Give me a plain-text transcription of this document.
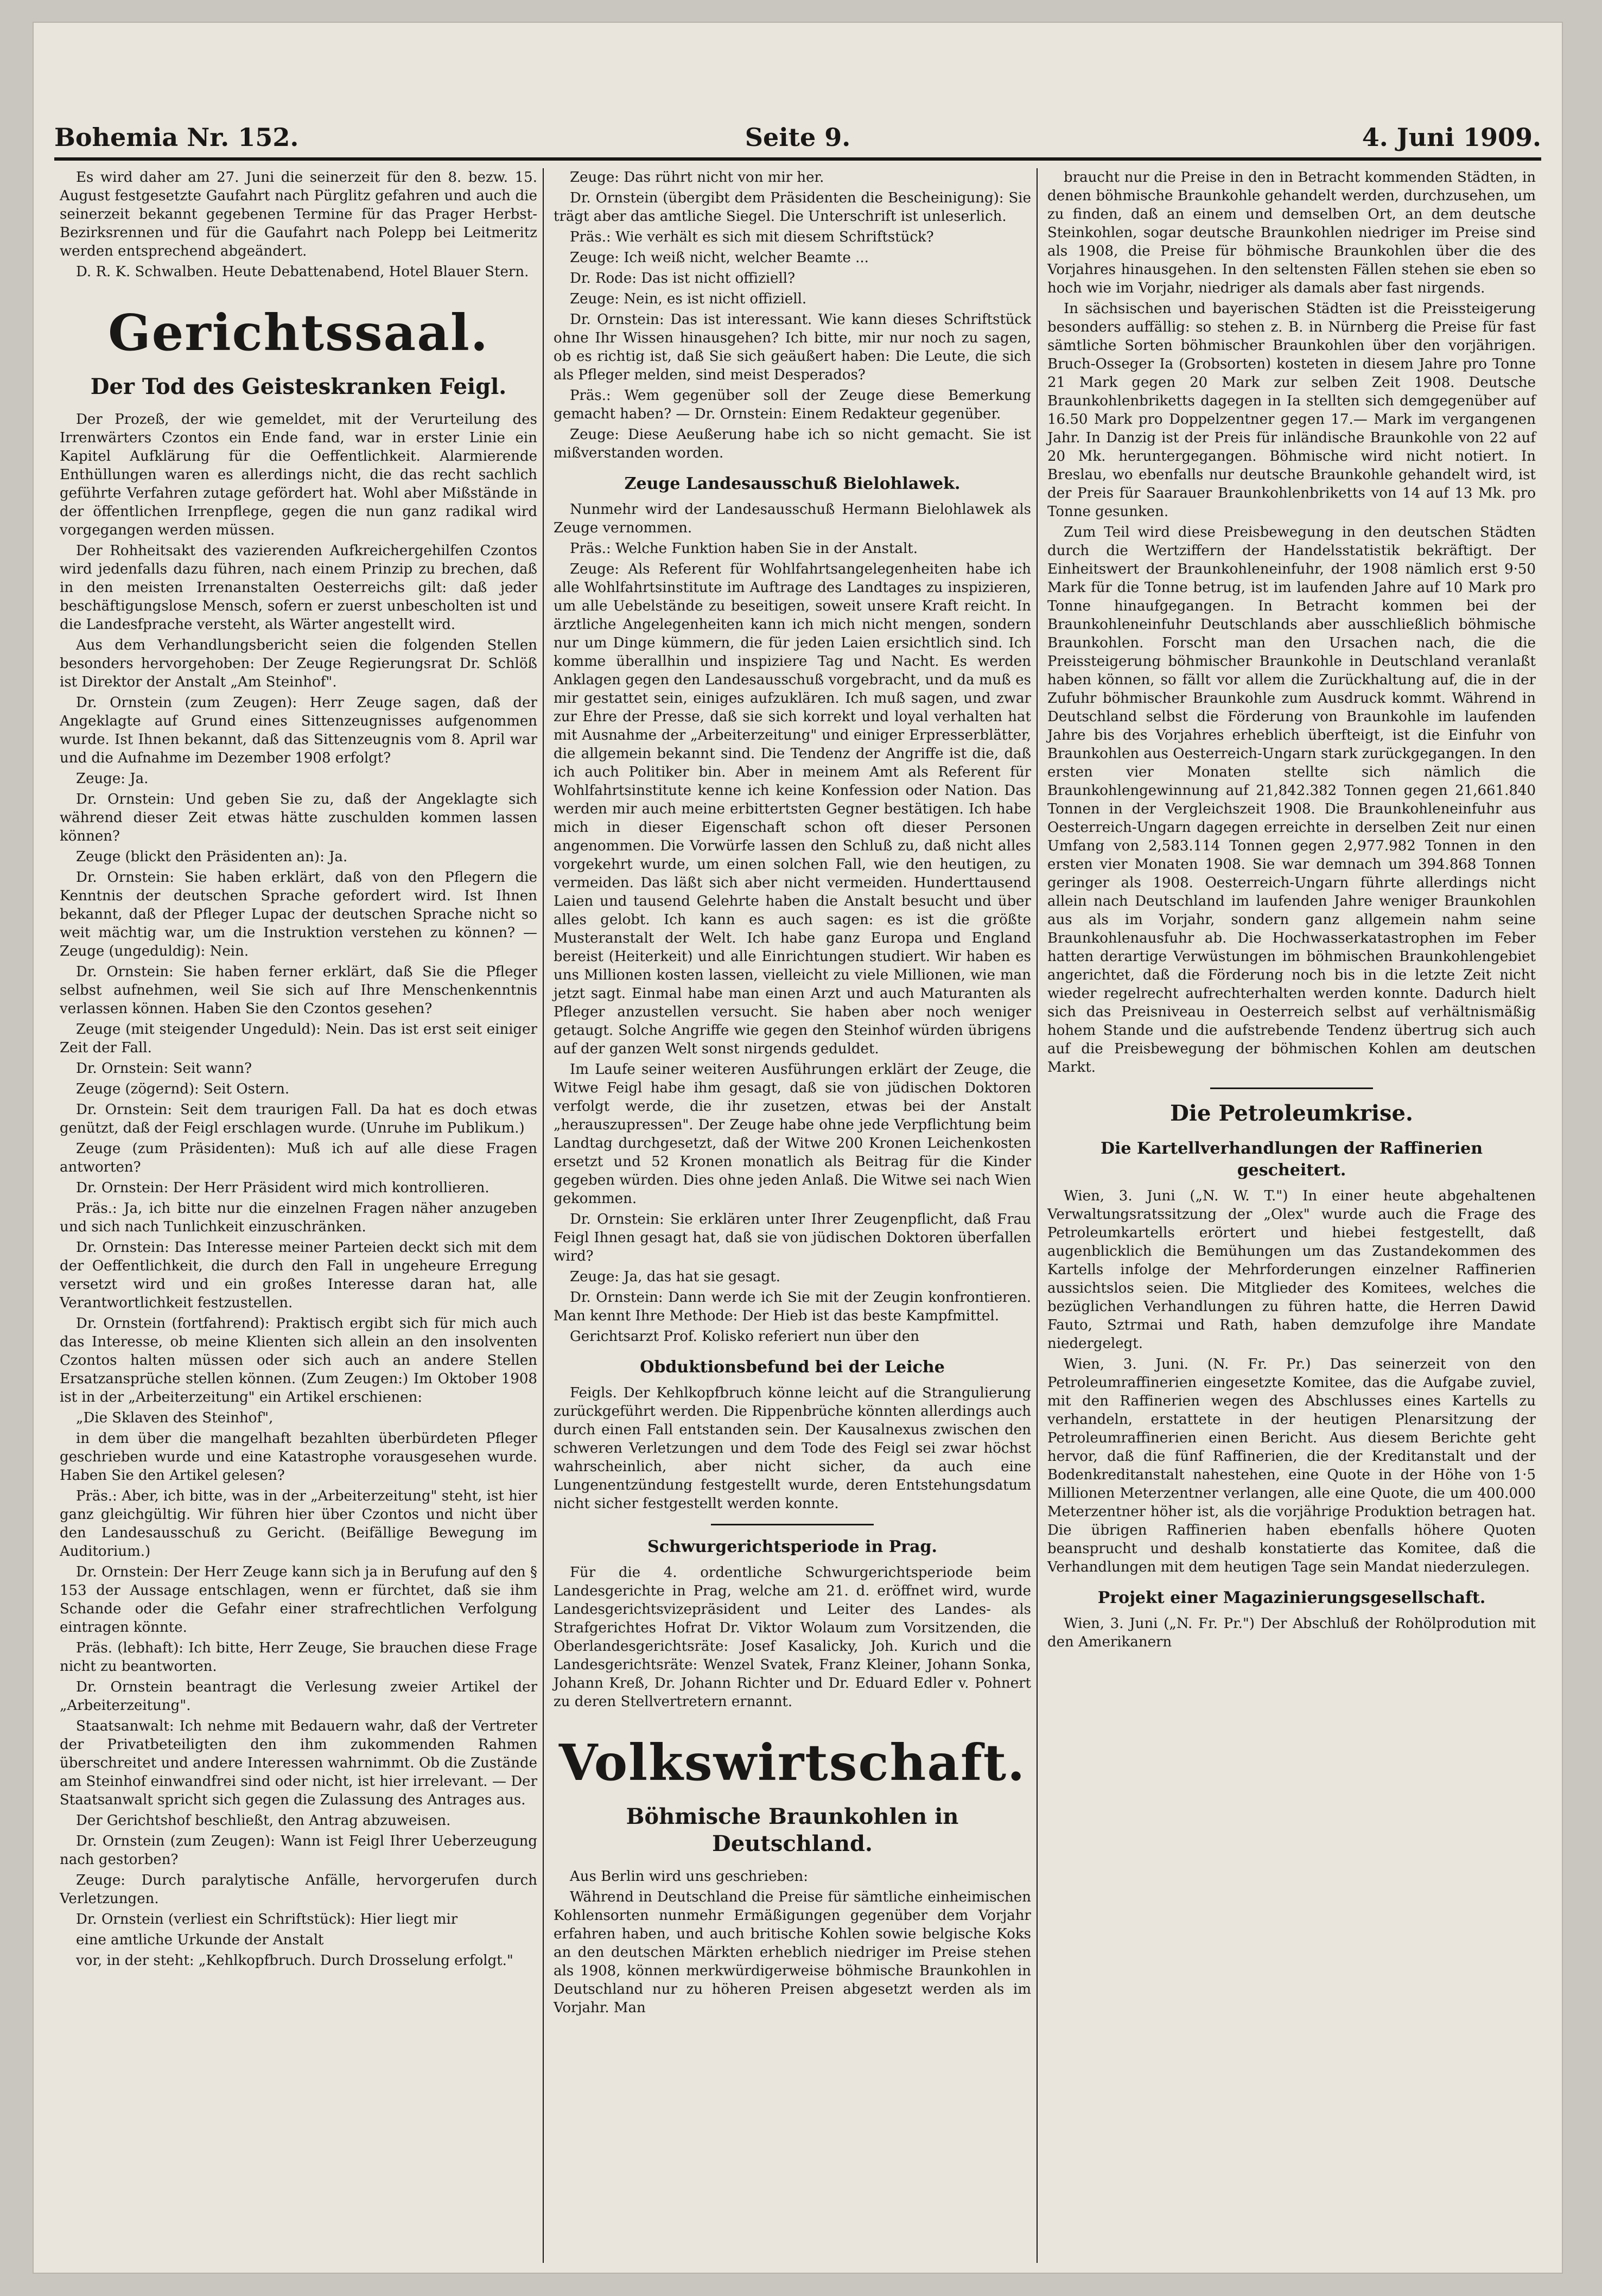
Bohemia Nr. 152.	Seite 9.	4. Juni 1909.

Es wird daher am 27. Juni die seinerzeit für den 8. bezw. 15. August festgesetzte Gaufahrt nach Pürglitz gefahren und auch die seinerzeit bekannt gegebenen Termine für das Prager Herbst-Bezirksrennen und für die Gaufahrt nach Polepp bei Leitmeritz werden entsprechend abgeändert.

D. R. K. Schwalben. Heute Debattenabend, Hotel Blauer Stern.

Gerichtssaal.
Der Tod des Geisteskranken Feigl.

Der Prozeß, der wie gemeldet, mit der Verurteilung des Irrenwärters Czontos ein Ende fand, war in erster Linie ein Kapitel Aufklärung für die Oeffentlichkeit. Alarmierende Enthüllungen waren es allerdings nicht, die das recht sachlich geführte Verfahren zutage gefördert hat. Wohl aber Mißstände in der öffentlichen Irrenpflege, gegen die nun ganz radikal wird vorgegangen werden müssen.

Der Rohheitsakt des vazierenden Aufkreichergehilfen Czontos wird jedenfalls dazu führen, nach einem Prinzip zu brechen, daß in den meisten Irrenanstalten Oesterreichs gilt: daß jeder beschäftigungslose Mensch, sofern er zuerst unbescholten ist und die Landesfprache versteht, als Wärter angestellt wird.

Aus dem Verhandlungsbericht seien die folgenden Stellen besonders hervorgehoben: Der Zeuge Regierungsrat Dr. Schlöß ist Direktor der Anstalt „Am Steinhof".

Dr. Ornstein (zum Zeugen): Herr Zeuge sagen, daß der Angeklagte auf Grund eines Sittenzeugnisses aufgenommen wurde. Ist Ihnen bekannt, daß das Sittenzeugnis vom 8. April war und die Aufnahme im Dezember 1908 erfolgt?

Zeuge: Ja.

Dr. Ornstein: Und geben Sie zu, daß der Angeklagte sich während dieser Zeit etwas hätte zuschulden kommen lassen können?

Zeuge (blickt den Präsidenten an): Ja.

Dr. Ornstein: Sie haben erklärt, daß von den Pflegern die Kenntnis der deutschen Sprache gefordert wird. Ist Ihnen bekannt, daß der Pfleger Lupac der deutschen Sprache nicht so weit mächtig war, um die Instruktion verstehen zu können? — Zeuge (ungeduldig): Nein.

Dr. Ornstein: Sie haben ferner erklärt, daß Sie die Pfleger selbst aufnehmen, weil Sie sich auf Ihre Menschenkenntnis verlassen können. Haben Sie den Czontos gesehen?

Zeuge (mit steigender Ungeduld): Nein. Das ist erst seit einiger Zeit der Fall.

Dr. Ornstein: Seit wann?

Zeuge (zögernd): Seit Ostern.

Dr. Ornstein: Seit dem traurigen Fall. Da hat es doch etwas genützt, daß der Feigl erschlagen wurde. (Unruhe im Publikum.)

Zeuge (zum Präsidenten): Muß ich auf alle diese Fragen antworten?

Dr. Ornstein: Der Herr Präsident wird mich kontrollieren.

Präs.: Ja, ich bitte nur die einzelnen Fragen näher anzugeben und sich nach Tunlichkeit einzuschränken.

Dr. Ornstein: Das Interesse meiner Parteien deckt sich mit dem der Oeffentlichkeit, die durch den Fall in ungeheure Erregung versetzt wird und ein großes Interesse daran hat, alle Verantwortlichkeit festzustellen.

Dr. Ornstein (fortfahrend): Praktisch ergibt sich für mich auch das Interesse, ob meine Klienten sich allein an den insolventen Czontos halten müssen oder sich auch an andere Stellen Ersatzansprüche stellen können. (Zum Zeugen:) Im Oktober 1908 ist in der „Arbeiterzeitung" ein Artikel erschienen:

„Die Sklaven des Steinhof",

in dem über die mangelhaft bezahlten überbürdeten Pfleger geschrieben wurde und eine Katastrophe vorausgesehen wurde. Haben Sie den Artikel gelesen?

Präs.: Aber, ich bitte, was in der „Arbeiterzeitung" steht, ist hier ganz gleichgültig. Wir führen hier über Czontos und nicht über den Landesausschuß zu Gericht. (Beifällige Bewegung im Auditorium.)

Dr. Ornstein: Der Herr Zeuge kann sich ja in Berufung auf den § 153 der Aussage entschlagen, wenn er fürchtet, daß sie ihm Schande oder die Gefahr einer strafrechtlichen Verfolgung eintragen könnte.

Präs. (lebhaft): Ich bitte, Herr Zeuge, Sie brauchen diese Frage nicht zu beantworten.

Dr. Ornstein beantragt die Verlesung zweier Artikel der „Arbeiterzeitung".

Staatsanwalt: Ich nehme mit Bedauern wahr, daß der Vertreter der Privatbeteiligten den ihm zukommenden Rahmen überschreitet und andere Interessen wahrnimmt. Ob die Zustände am Steinhof einwandfrei sind oder nicht, ist hier irrelevant. — Der Staatsanwalt spricht sich gegen die Zulassung des Antrages aus.

Der Gerichtshof beschließt, den Antrag abzuweisen.

Dr. Ornstein (zum Zeugen): Wann ist Feigl Ihrer Ueberzeugung nach gestorben?

Zeuge: Durch paralytische Anfälle, hervorgerufen durch Verletzungen.

Dr. Ornstein (verliest ein Schriftstück): Hier liegt mir

eine amtliche Urkunde der Anstalt

vor, in der steht: „Kehlkopfbruch. Durch Drosselung erfolgt."

Zeuge: Das rührt nicht von mir her.

Dr. Ornstein (übergibt dem Präsidenten die Bescheinigung): Sie trägt aber das amtliche Siegel. Die Unterschrift ist unleserlich.

Präs.: Wie verhält es sich mit diesem Schriftstück?

Zeuge: Ich weiß nicht, welcher Beamte ...

Dr. Rode: Das ist nicht offiziell?

Zeuge: Nein, es ist nicht offiziell.

Dr. Ornstein: Das ist interessant. Wie kann dieses Schriftstück ohne Ihr Wissen hinausgehen? Ich bitte, mir nur noch zu sagen, ob es richtig ist, daß Sie sich geäußert haben: Die Leute, die sich als Pfleger melden, sind meist Desperados?

Präs.: Wem gegenüber soll der Zeuge diese Bemerkung gemacht haben? — Dr. Ornstein: Einem Redakteur gegenüber.

Zeuge: Diese Aeußerung habe ich so nicht gemacht. Sie ist mißverstanden worden.

Zeuge Landesausschuß Bielohlawek.

Nunmehr wird der Landesausschuß Hermann Bielohlawek als Zeuge vernommen.

Präs.: Welche Funktion haben Sie in der Anstalt.

Zeuge: Als Referent für Wohlfahrtsangelegenheiten habe ich alle Wohlfahrtsinstitute im Auftrage des Landtages zu inspizieren, um alle Uebelstände zu beseitigen, soweit unsere Kraft reicht. In ärztliche Angelegenheiten kann ich mich nicht mengen, sondern nur um Dinge kümmern, die für jeden Laien ersichtlich sind. Ich komme überallhin und inspiziere Tag und Nacht. Es werden Anklagen gegen den Landesausschuß vorgebracht, und da muß es mir gestattet sein, einiges aufzuklären. Ich muß sagen, und zwar zur Ehre der Presse, daß sie sich korrekt und loyal verhalten hat mit Ausnahme der „Arbeiterzeitung" und einiger Erpresserblätter, die allgemein bekannt sind. Die Tendenz der Angriffe ist die, daß ich auch Politiker bin. Aber in meinem Amt als Referent für Wohlfahrtsinstitute kenne ich keine Konfession oder Nation. Das werden mir auch meine erbittertsten Gegner bestätigen. Ich habe mich in dieser Eigenschaft schon oft dieser Personen angenommen. Die Vorwürfe lassen den Schluß zu, daß nicht alles vorgekehrt wurde, um einen solchen Fall, wie den heutigen, zu vermeiden. Das läßt sich aber nicht vermeiden. Hunderttausend Laien und tausend Gelehrte haben die Anstalt besucht und über alles gelobt. Ich kann es auch sagen: es ist die größte Musteranstalt der Welt. Ich habe ganz Europa und England bereist (Heiterkeit) und alle Einrichtungen studiert. Wir haben es uns Millionen kosten lassen, vielleicht zu viele Millionen, wie man jetzt sagt. Einmal habe man einen Arzt und auch Maturanten als Pfleger anzustellen versucht. Sie haben aber noch weniger getaugt. Solche Angriffe wie gegen den Steinhof würden übrigens auf der ganzen Welt sonst nirgends geduldet.

Im Laufe seiner weiteren Ausführungen erklärt der Zeuge, die Witwe Feigl habe ihm gesagt, daß sie von jüdischen Doktoren verfolgt werde, die ihr zusetzen, etwas bei der Anstalt „herauszupressen". Der Zeuge habe ohne jede Verpflichtung beim Landtag durchgesetzt, daß der Witwe 200 Kronen Leichenkosten ersetzt und 52 Kronen monatlich als Beitrag für die Kinder gegeben würden. Dies ohne jeden Anlaß. Die Witwe sei nach Wien gekommen.

Dr. Ornstein: Sie erklären unter Ihrer Zeugenpflicht, daß Frau Feigl Ihnen gesagt hat, daß sie von jüdischen Doktoren überfallen wird?

Zeuge: Ja, das hat sie gesagt.

Dr. Ornstein: Dann werde ich Sie mit der Zeugin konfrontieren. Man kennt Ihre Methode: Der Hieb ist das beste Kampfmittel.

Gerichtsarzt Prof. Kolisko referiert nun über den

Obduktionsbefund bei der Leiche

Feigls. Der Kehlkopfbruch könne leicht auf die Strangulierung zurückgeführt werden. Die Rippenbrüche könnten allerdings auch durch einen Fall entstanden sein. Der Kausalnexus zwischen den schweren Verletzungen und dem Tode des Feigl sei zwar höchst wahrscheinlich, aber nicht sicher, da auch eine Lungenentzündung festgestellt wurde, deren Entstehungsdatum nicht sicher festgestellt werden konnte.

Schwurgerichtsperiode in Prag.

Für die 4. ordentliche Schwurgerichtsperiode beim Landesgerichte in Prag, welche am 21. d. eröffnet wird, wurde Landesgerichtsvizepräsident und Leiter des Landes- als Strafgerichtes Hofrat Dr. Viktor Wolaum zum Vorsitzenden, die Oberlandesgerichtsräte: Josef Kasalicky, Joh. Kurich und die Landesgerichtsräte: Wenzel Svatek, Franz Kleiner, Johann Sonka, Johann Kreß, Dr. Johann Richter und Dr. Eduard Edler v. Pohnert zu deren Stellvertretern ernannt.

Volkswirtschaft.
Böhmische Braunkohlen in Deutschland.

Aus Berlin wird uns geschrieben:

Während in Deutschland die Preise für sämtliche einheimischen Kohlensorten nunmehr Ermäßigungen gegenüber dem Vorjahr erfahren haben, und auch britische Kohlen sowie belgische Koks an den deutschen Märkten erheblich niedriger im Preise stehen als 1908, können merkwürdigerweise böhmische Braunkohlen in Deutschland nur zu höheren Preisen abgesetzt werden als im Vorjahr. Man

braucht nur die Preise in den in Betracht kommenden Städten, in denen böhmische Braunkohle gehandelt werden, durchzusehen, um zu finden, daß an einem und demselben Ort, an dem deutsche Steinkohlen, sogar deutsche Braunkohlen niedriger im Preise sind als 1908, die Preise für böhmische Braunkohlen über die des Vorjahres hinausgehen. In den seltensten Fällen stehen sie eben so hoch wie im Vorjahr, niedriger als damals aber fast nirgends.

In sächsischen und bayerischen Städten ist die Preissteigerung besonders auffällig: so stehen z. B. in Nürnberg die Preise für fast sämtliche Sorten böhmischer Braunkohlen über den vorjährigen. Bruch-Osseger Ia (Grobsorten) kosteten in diesem Jahre pro Tonne 21 Mark gegen 20 Mark zur selben Zeit 1908. Deutsche Braunkohlenbriketts dagegen in Ia stellten sich demgegenüber auf 16.50 Mark pro Doppelzentner gegen 17.— Mark im vergangenen Jahr. In Danzig ist der Preis für inländische Braunkohle von 22 auf 20 Mk. heruntergegangen. Böhmische wird nicht notiert. In Breslau, wo ebenfalls nur deutsche Braunkohle gehandelt wird, ist der Preis für Saarauer Braunkohlenbriketts von 14 auf 13 Mk. pro Tonne gesunken.

Zum Teil wird diese Preisbewegung in den deutschen Städten durch die Wertziffern der Handelsstatistik bekräftigt. Der Einheitswert der Braunkohleneinfuhr, der 1908 nämlich erst 9·50 Mark für die Tonne betrug, ist im laufenden Jahre auf 10 Mark pro Tonne hinaufgegangen. In Betracht kommen bei der Braunkohleneinfuhr Deutschlands aber ausschließlich böhmische Braunkohlen. Forscht man den Ursachen nach, die die Preissteigerung böhmischer Braunkohle in Deutschland veranlaßt haben können, so fällt vor allem die Zurückhaltung auf, die in der Zufuhr böhmischer Braunkohle zum Ausdruck kommt. Während in Deutschland selbst die Förderung von Braunkohle im laufenden Jahre bis des Vorjahres erheblich überfteigt, ist die Einfuhr von Braunkohlen aus Oesterreich-Ungarn stark zurückgegangen. In den ersten vier Monaten stellte sich nämlich die Braunkohlengewinnung auf 21,842.382 Tonnen gegen 21,661.840 Tonnen in der Vergleichszeit 1908. Die Braunkohleneinfuhr aus Oesterreich-Ungarn dagegen erreichte in derselben Zeit nur einen Umfang von 2,583.114 Tonnen gegen 2,977.982 Tonnen in den ersten vier Monaten 1908. Sie war demnach um 394.868 Tonnen geringer als 1908. Oesterreich-Ungarn führte allerdings nicht allein nach Deutschland im laufenden Jahre weniger Braunkohlen aus als im Vorjahr, sondern ganz allgemein nahm seine Braunkohlenausfuhr ab. Die Hochwasserkatastrophen im Feber hatten derartige Verwüstungen im böhmischen Braunkohlengebiet angerichtet, daß die Förderung noch bis in die letzte Zeit nicht wieder regelrecht aufrechterhalten werden konnte. Dadurch hielt sich das Preisniveau in Oesterreich selbst auf verhältnismäßig hohem Stande und die aufstrebende Tendenz übertrug sich auch auf die Preisbewegung der böhmischen Kohlen am deutschen Markt.

Die Petroleumkrise.
Die Kartellverhandlungen der Raffinerien gescheitert.

Wien, 3. Juni („N. W. T.") In einer heute abgehaltenen Verwaltungsratssitzung der „Olex" wurde auch die Frage des Petroleumkartells erörtert und hiebei festgestellt, daß augenblicklich die Bemühungen um das Zustandekommen des Kartells infolge der Mehrforderungen einzelner Raffinerien aussichtslos seien. Die Mitglieder des Komitees, welches die bezüglichen Verhandlungen zu führen hatte, die Herren Dawid Fauto, Sztrmai und Rath, haben demzufolge ihre Mandate niedergelegt.

Wien, 3. Juni. (N. Fr. Pr.) Das seinerzeit von den Petroleumraffinerien eingesetzte Komitee, das die Aufgabe zuviel, mit den Raffinerien wegen des Abschlusses eines Kartells zu verhandeln, erstattete in der heutigen Plenarsitzung der Petroleumraffinerien einen Bericht. Aus diesem Berichte geht hervor, daß die fünf Raffinerien, die der Kreditanstalt und der Bodenkreditanstalt nahestehen, eine Quote in der Höhe von 1·5 Millionen Meterzentner verlangen, alle eine Quote, die um 400.000 Meterzentner höher ist, als die vorjährige Produktion betragen hat. Die übrigen Raffinerien haben ebenfalls höhere Quoten beansprucht und deshalb konstatierte das Komitee, daß die Verhandlungen mit dem heutigen Tage sein Mandat niederzulegen.

Projekt einer Magazinierungsgesellschaft.

Wien, 3. Juni („N. Fr. Pr.") Der Abschluß der Rohölprodution mit den Amerikanern
